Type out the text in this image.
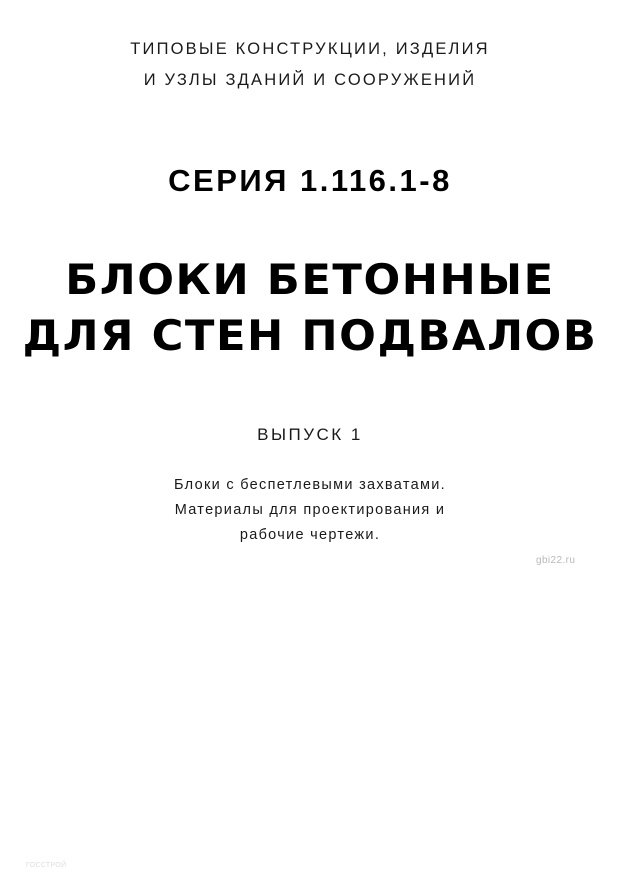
ТИПОВЫЕ КОНСТРУКЦИИ, ИЗДЕЛИЯ
И УЗЛЫ ЗДАНИЙ И СООРУЖЕНИЙ
СЕРИЯ 1.116.1-8
БЛОКИ БЕТОННЫЕ
ДЛЯ СТЕН ПОДВАЛОВ
ВЫПУСК 1
Блоки с беспетлевыми захватами.
Материалы для проектирования и
рабочие чертежи.
gbi22.ru
ГОССТРОЙ
